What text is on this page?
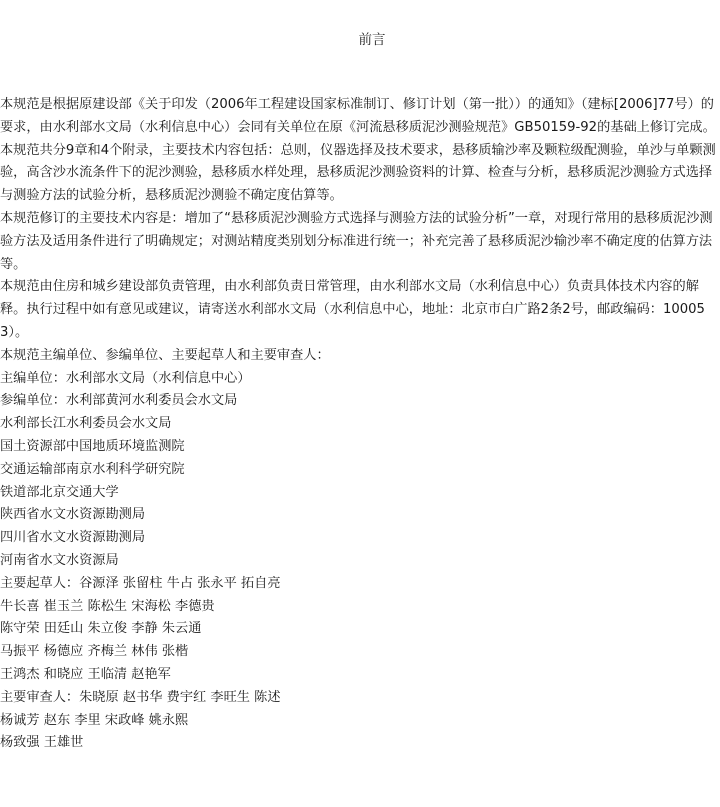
前言

本规范是根据原建设部《关于印发（2006年工程建设国家标准制订、修订计划（第一批））的通知》（建标[2006]77号）的要求，由水利部水文局（水利信息中心）会同有关单位在原《河流悬移质泥沙测验规范》GB50159-92的基础上修订完成。

本规范共分9章和4个附录，主要技术内容包括：总则，仪器选择及技术要求，悬移质输沙率及颗粒级配测验，单沙与单颗测验，高含沙水流条件下的泥沙测验，悬移质水样处理，悬移质泥沙测验资料的计算、检查与分析，悬移质泥沙测验方式选择与测验方法的试验分析，悬移质泥沙测验不确定度估算等。

本规范修订的主要技术内容是：增加了“悬移质泥沙测验方式选择与测验方法的试验分析”一章，对现行常用的悬移质泥沙测验方法及适用条件进行了明确规定；对测站精度类别划分标准进行统一；补充完善了悬移质泥沙输沙率不确定度的估算方法等。

本规范由住房和城乡建设部负责管理，由水利部负责日常管理，由水利部水文局（水利信息中心）负责具体技术内容的解释。执行过程中如有意见或建议，请寄送水利部水文局（水利信息中心，地址：北京市白广路2条2号，邮政编码：100053）。

本规范主编单位、参编单位、主要起草人和主要审查人：

主编单位：水利部水文局（水利信息中心）

参编单位：水利部黄河水利委员会水文局

水利部长江水利委员会水文局

国土资源部中国地质环境监测院

交通运输部南京水利科学研究院

铁道部北京交通大学

陕西省水文水资源勘测局

四川省水文水资源勘测局

河南省水文水资源局

主要起草人：谷源泽 张留柱 牛占 张永平 拓自亮

牛长喜 崔玉兰 陈松生 宋海松 李德贵

陈守荣 田廷山 朱立俊 李静 朱云通

马振平 杨德应 齐梅兰 林伟 张楷

王鸿杰 和晓应 王临清 赵艳军

主要审查人：朱晓原 赵书华 费宇红 李旺生 陈述

杨诚芳 赵东 李里 宋政峰 姚永熙

杨致强 王雄世
